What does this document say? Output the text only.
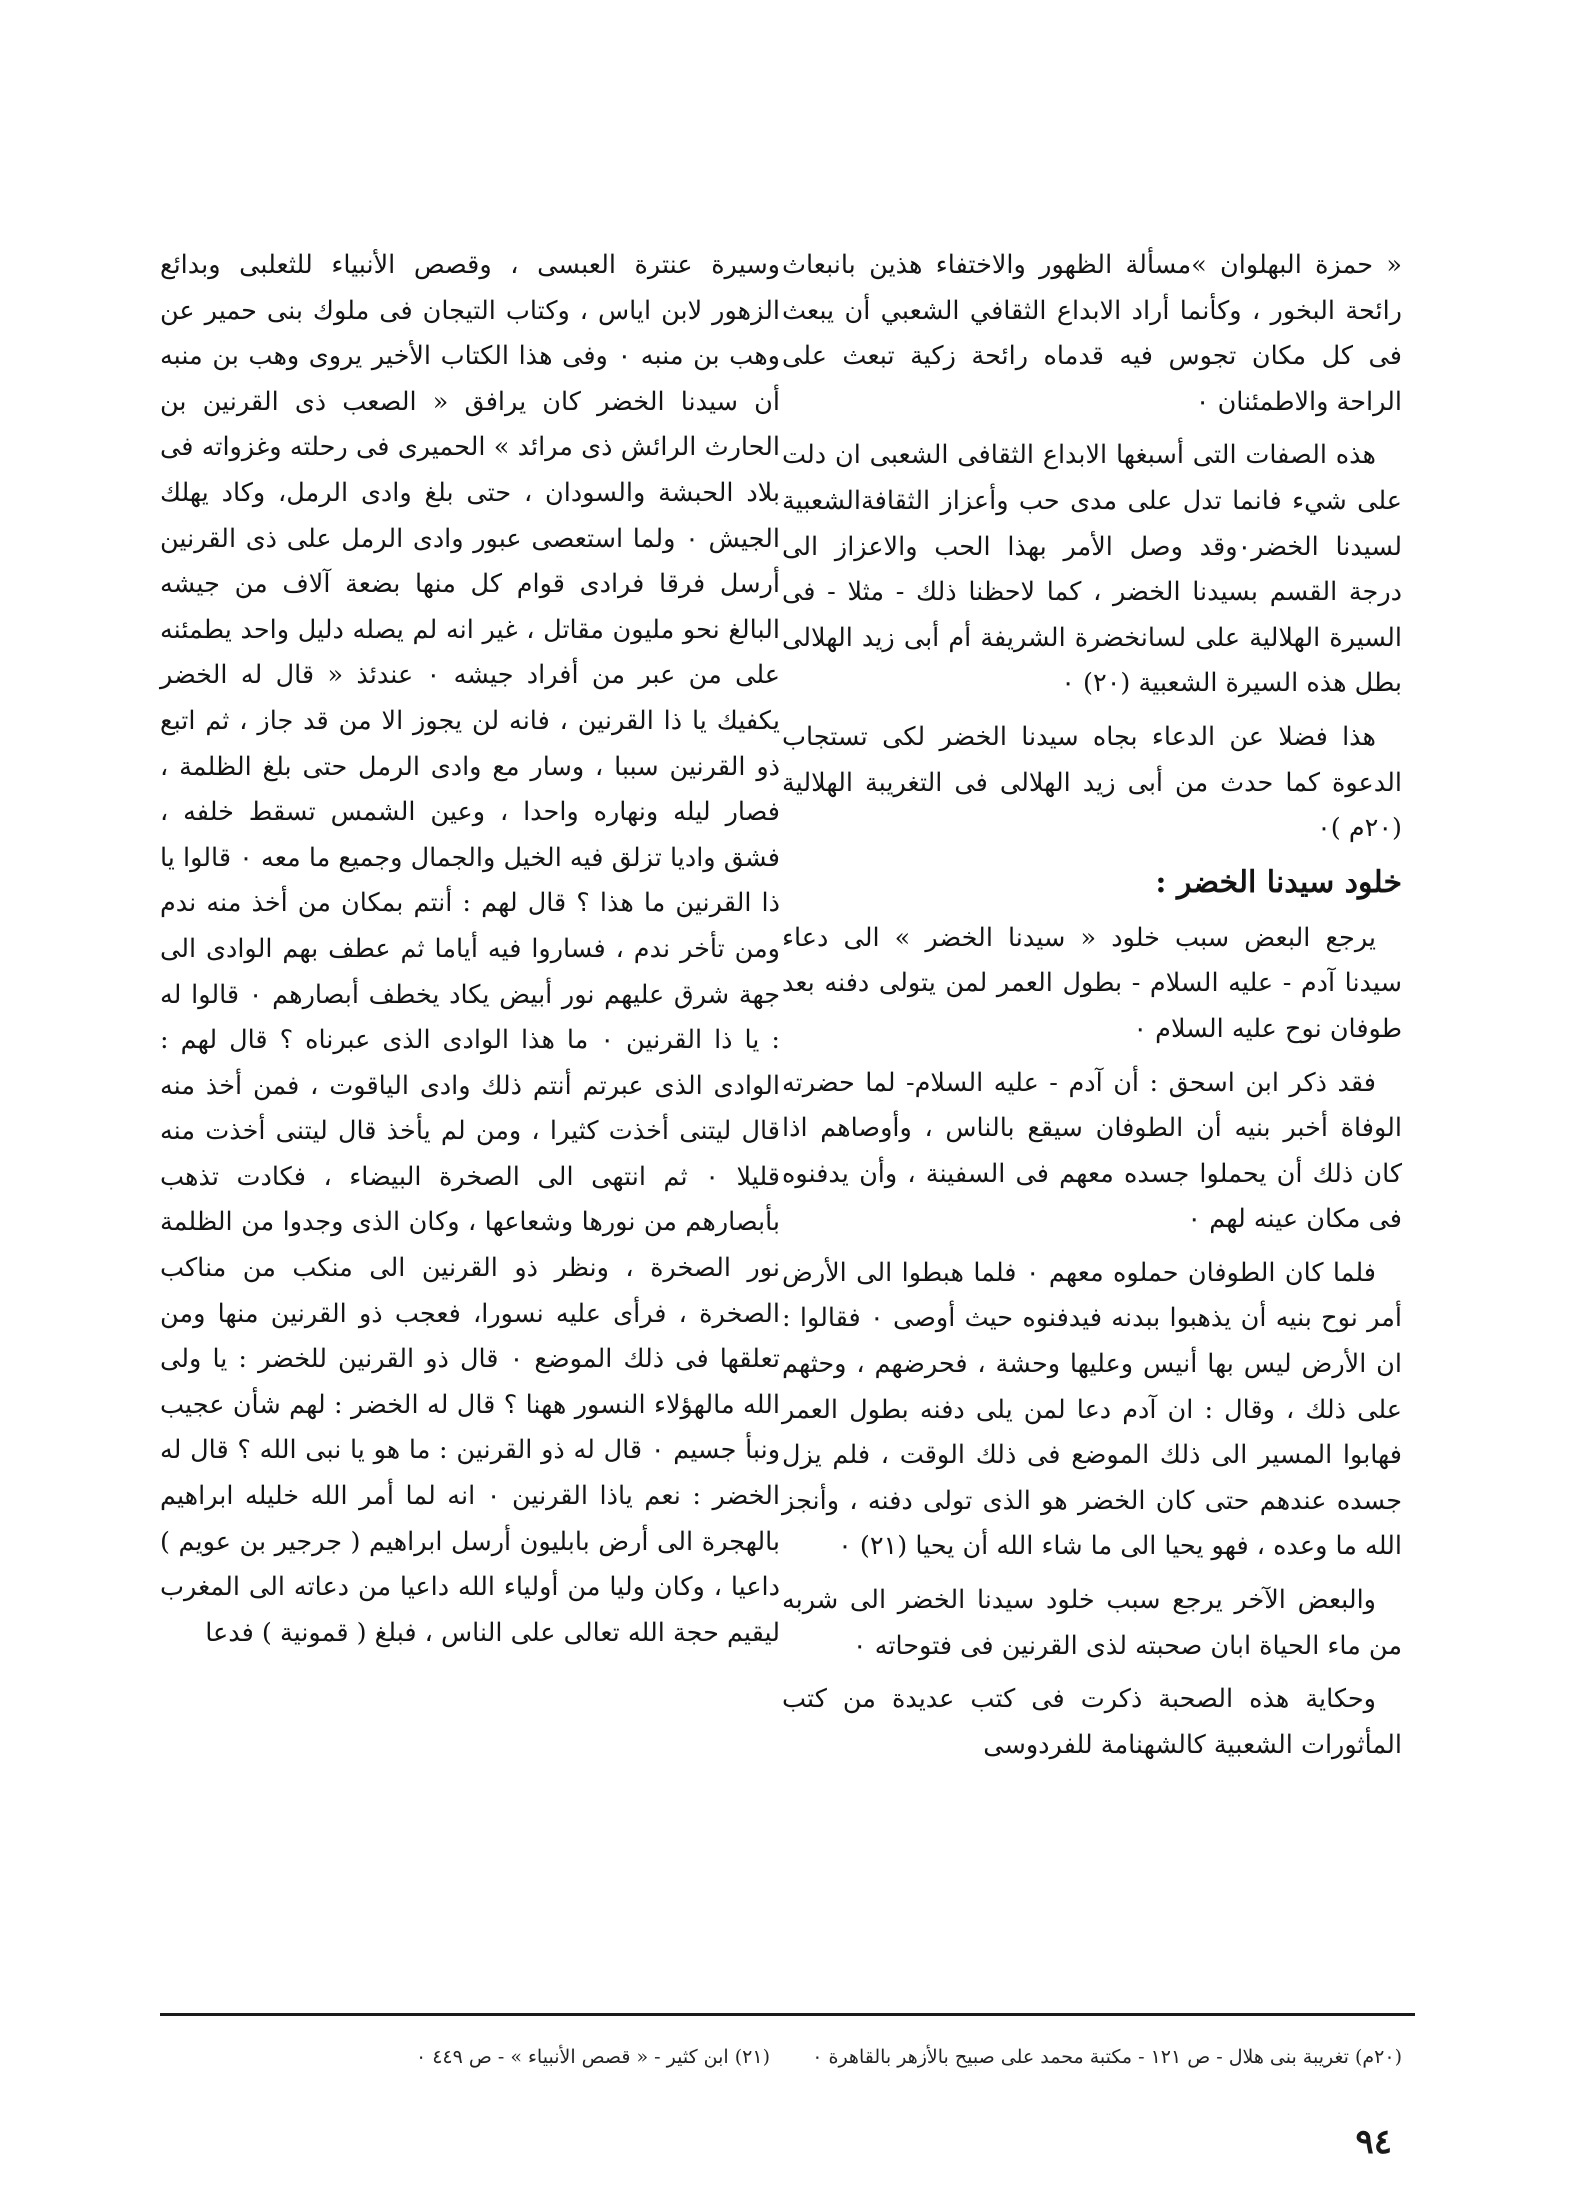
« حمزة البهلوان »مسألة الظهور والاختفاء هذين بانبعاث رائحة البخور ، وكأنما أراد الابداع الثقافي الشعبي أن يبعث فى كل مكان تجوس فيه قدماه رائحة زكية تبعث على الراحة والاطمئنان ٠

هذه الصفات التى أسبغها الابداع الثقافى الشعبى ان دلت على شيء فانما تدل على مدى حب وأعزاز الثقافةالشعبية لسيدنا الخضر٠وقد وصل الأمر بهذا الحب والاعزاز الى درجة القسم بسيدنا الخضر ، كما لاحظنا ذلك - مثلا - فى السيرة الهلالية على لسانخضرة الشريفة أم أبى زيد الهلالى بطل هذه السيرة الشعبية (٢٠) ٠

هذا فضلا عن الدعاء بجاه سيدنا الخضر لكى تستجاب الدعوة كما حدث من أبى زيد الهلالى فى التغريبة الهلالية (٢٠م )٠

خلود سيدنا الخضر :

يرجع البعض سبب خلود « سيدنا الخضر » الى دعاء سيدنا آدم - عليه السلام - بطول العمر لمن يتولى دفنه بعد طوفان نوح عليه السلام ٠

فقد ذكر ابن اسحق : أن آدم - عليه السلام- لما حضرته الوفاة أخبر بنيه أن الطوفان سيقع بالناس ، وأوصاهم اذا كان ذلك أن يحملوا جسده معهم فى السفينة ، وأن يدفنوه فى مكان عينه لهم ٠

فلما كان الطوفان حملوه معهم ٠ فلما هبطوا الى الأرض أمر نوح بنيه أن يذهبوا ببدنه فيدفنوه حيث أوصى ٠ فقالوا : ان الأرض ليس بها أنيس وعليها وحشة ، فحرضهم ، وحثهم على ذلك ، وقال : ان آدم دعا لمن يلى دفنه بطول العمر فهابوا المسير الى ذلك الموضع فى ذلك الوقت ، فلم يزل جسده عندهم حتى كان الخضر هو الذى تولى دفنه ، وأنجز الله ما وعده ، فهو يحيا الى ما شاء الله أن يحيا (٢١) ٠

والبعض الآخر يرجع سبب خلود سيدنا الخضر الى شربه من ماء الحياة ابان صحبته لذى القرنين فى فتوحاته ٠

وحكاية هذه الصحبة ذكرت فى كتب عديدة من كتب المأثورات الشعبية كالشهنامة للفردوسى

وسيرة عنترة العبسى ، وقصص الأنبياء للثعلبى وبدائع الزهور لابن اياس ، وكتاب التيجان فى ملوك بنى حمير عن وهب بن منبه ٠ وفى هذا الكتاب الأخير يروى وهب بن منبه أن سيدنا الخضر كان يرافق « الصعب ذى القرنين بن الحارث الرائش ذى مرائد » الحميرى فى رحلته وغزواته فى بلاد الحبشة والسودان ، حتى بلغ وادى الرمل، وكاد يهلك الجيش ٠ ولما استعصى عبور وادى الرمل على ذى القرنين أرسل فرقا فرادى قوام كل منها بضعة آلاف من جيشه البالغ نحو مليون مقاتل ، غير انه لم يصله دليل واحد يطمئنه على من عبر من أفراد جيشه ٠ عندئذ « قال له الخضر يكفيك يا ذا القرنين ، فانه لن يجوز الا من قد جاز ، ثم اتبع ذو القرنين سببا ، وسار مع وادى الرمل حتى بلغ الظلمة ، فصار ليله ونهاره واحدا ، وعين الشمس تسقط خلفه ، فشق واديا تزلق فيه الخيل والجمال وجميع ما معه ٠ قالوا يا ذا القرنين ما هذا ؟ قال لهم : أنتم بمكان من أخذ منه ندم ومن تأخر ندم ، فساروا فيه أياما ثم عطف بهم الوادى الى جهة شرق عليهم نور أبيض يكاد يخطف أبصارهم ٠ قالوا له : يا ذا القرنين ٠ ما هذا الوادى الذى عبرناه ؟ قال لهم : الوادى الذى عبرتم أنتم ذلك وادى الياقوت ، فمن أخذ منه قال ليتنى أخذت كثيرا ، ومن لم يأخذ قال ليتنى أخذت منه قليلا ٠ ثم انتهى الى الصخرة البيضاء ، فكادت تذهب بأبصارهم من نورها وشعاعها ، وكان الذى وجدوا من الظلمة نور الصخرة ، ونظر ذو القرنين الى منكب من مناكب الصخرة ، فرأى عليه نسورا، فعجب ذو القرنين منها ومن تعلقها فى ذلك الموضع ٠ قال ذو القرنين للخضر : يا ولى الله مالهؤلاء النسور ههنا ؟ قال له الخضر : لهم شأن عجيب ونبأ جسيم ٠ قال له ذو القرنين : ما هو يا نبى الله ؟ قال له الخضر : نعم ياذا القرنين ٠ انه لما أمر الله خليله ابراهيم بالهجرة الى أرض بابليون أرسل ابراهيم ( جرجير بن عويم ) داعيا ، وكان وليا من أولياء الله داعيا من دعاته الى المغرب ليقيم حجة الله تعالى على الناس ، فبلغ ( قمونية ) فدعا

(٢٠م) تغريبة بنى هلال - ص ١٢١ - مكتبة محمد على صبيح بالأزهر بالقاهرة ٠
(٢١) ابن كثير - « قصص الأنبياء » - ص ٤٤٩ ٠
٩٤
